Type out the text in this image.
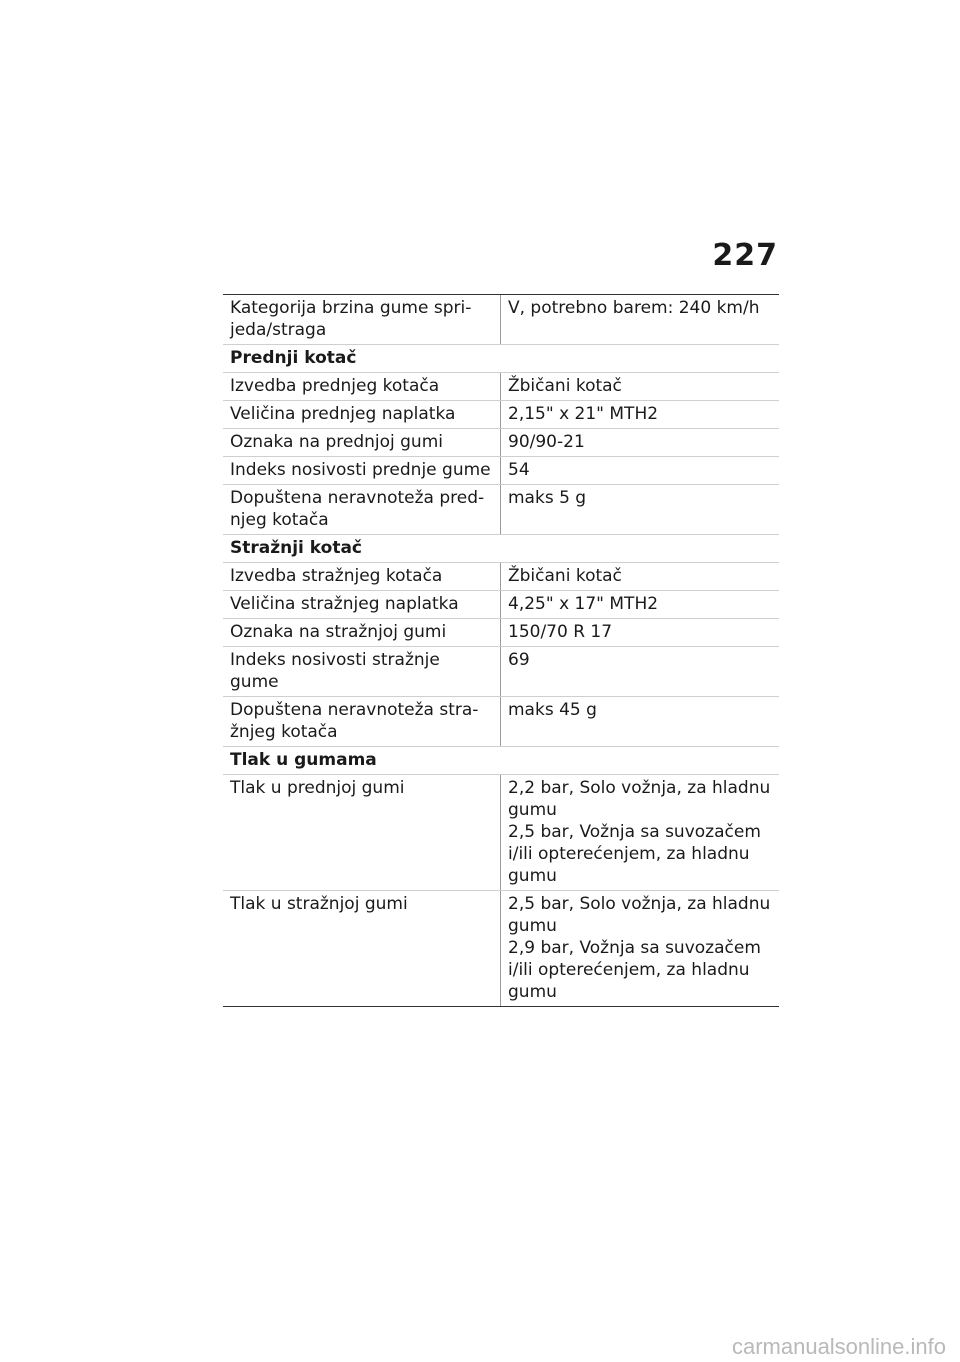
227
Kategorija brzina gume spri-
jeda/straga	V, potrebno barem: 240 km/h

Prednji kotač	

Izvedba prednjeg kotača	Žbičani kotač

Veličina prednjeg naplatka	2,15" x 21" MTH2

Oznaka na prednjoj gumi	90/90-21

Indeks nosivosti prednje gume	54

Dopuštena neravnoteža pred-
njeg kotača	maks 5 g

Stražnji kotač	

Izvedba stražnjeg kotača	Žbičani kotač

Veličina stražnjeg naplatka	4,25" x 17" MTH2

Oznaka na stražnjoj gumi	150/70 R 17

Indeks nosivosti stražnje gume	69

Dopuštena neravnoteža stra-
žnjeg kotača	maks 45 g

Tlak u gumama	

Tlak u prednjoj gumi	2,2 bar, Solo vožnja, za hladnu gumu
2,5 bar, Vožnja sa suvozačem i/ili opterećenjem, za hladnu gumu

Tlak u stražnjoj gumi	2,5 bar, Solo vožnja, za hladnu gumu
2,9 bar, Vožnja sa suvozačem i/ili opterećenjem, za hladnu gumu
carmanualsonline.info
